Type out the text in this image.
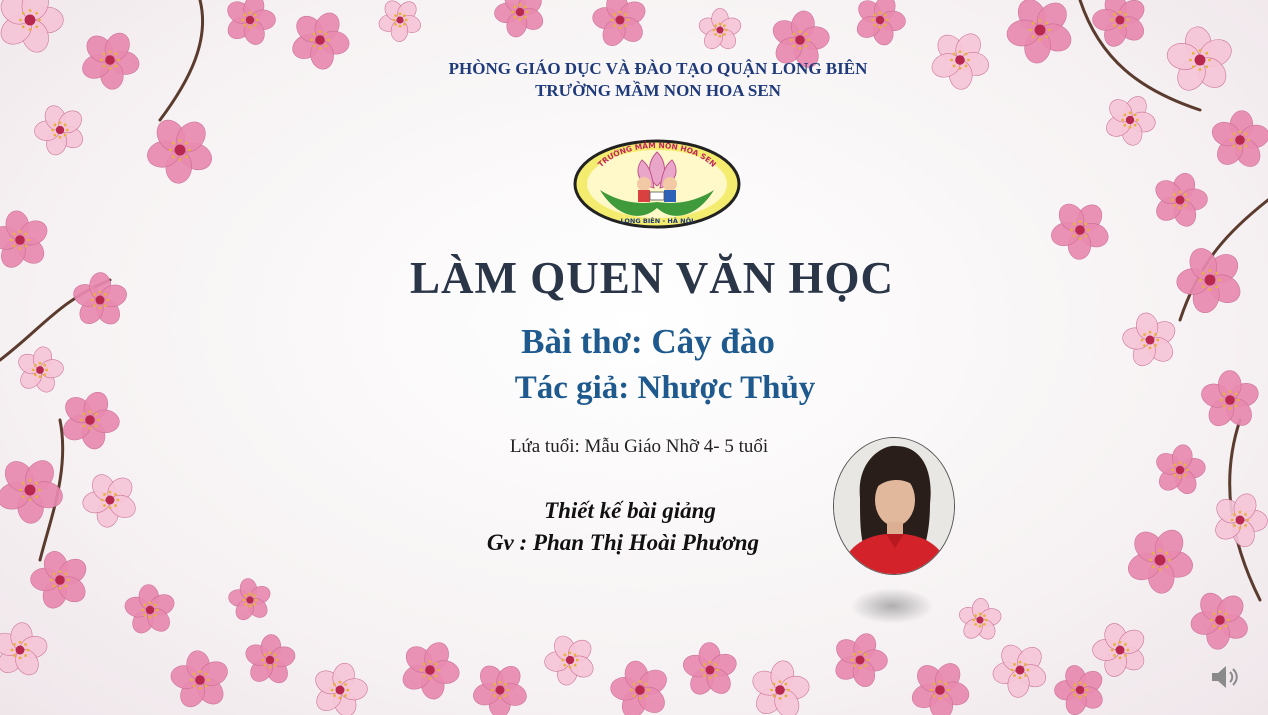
PHÒNG GIÁO DỤC VÀ ĐÀO TẠO QUẬN LONG BIÊN
TRƯỜNG MẦM NON HOA SEN
TRƯỜNG MẦM NON HOA SEN
LONG BIÊN - HÀ NỘI
LÀM QUEN VĂN HỌC
Bài thơ: Cây đào
Tác giả: Nhược Thủy
Lứa tuổi: Mẫu Giáo Nhỡ 4- 5 tuổi
Thiết kế bài giảng
Gv : Phan Thị Hoài Phương
